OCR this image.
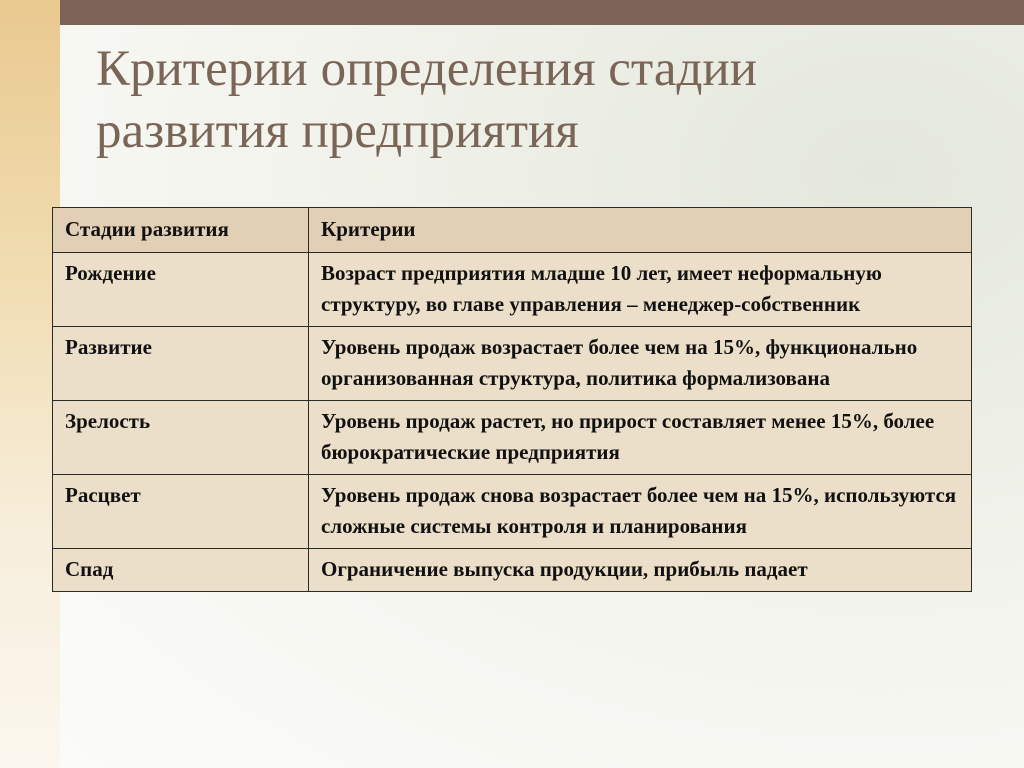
Критерии определения стадии
развития предприятия
Стадии развития	Критерии
Рождение	Возраст предприятия младше 10 лет, имеет неформальную структуру, во главе управления – менеджер-собственник
Развитие	Уровень продаж возрастает более чем на 15%, функционально организованная структура, политика формализована
Зрелость	Уровень продаж растет, но прирост составляет менее 15%, более бюрократические предприятия
Расцвет	Уровень продаж снова возрастает более чем на 15%, используются сложные системы контроля и планирования
Спад	Ограничение выпуска продукции, прибыль падает
